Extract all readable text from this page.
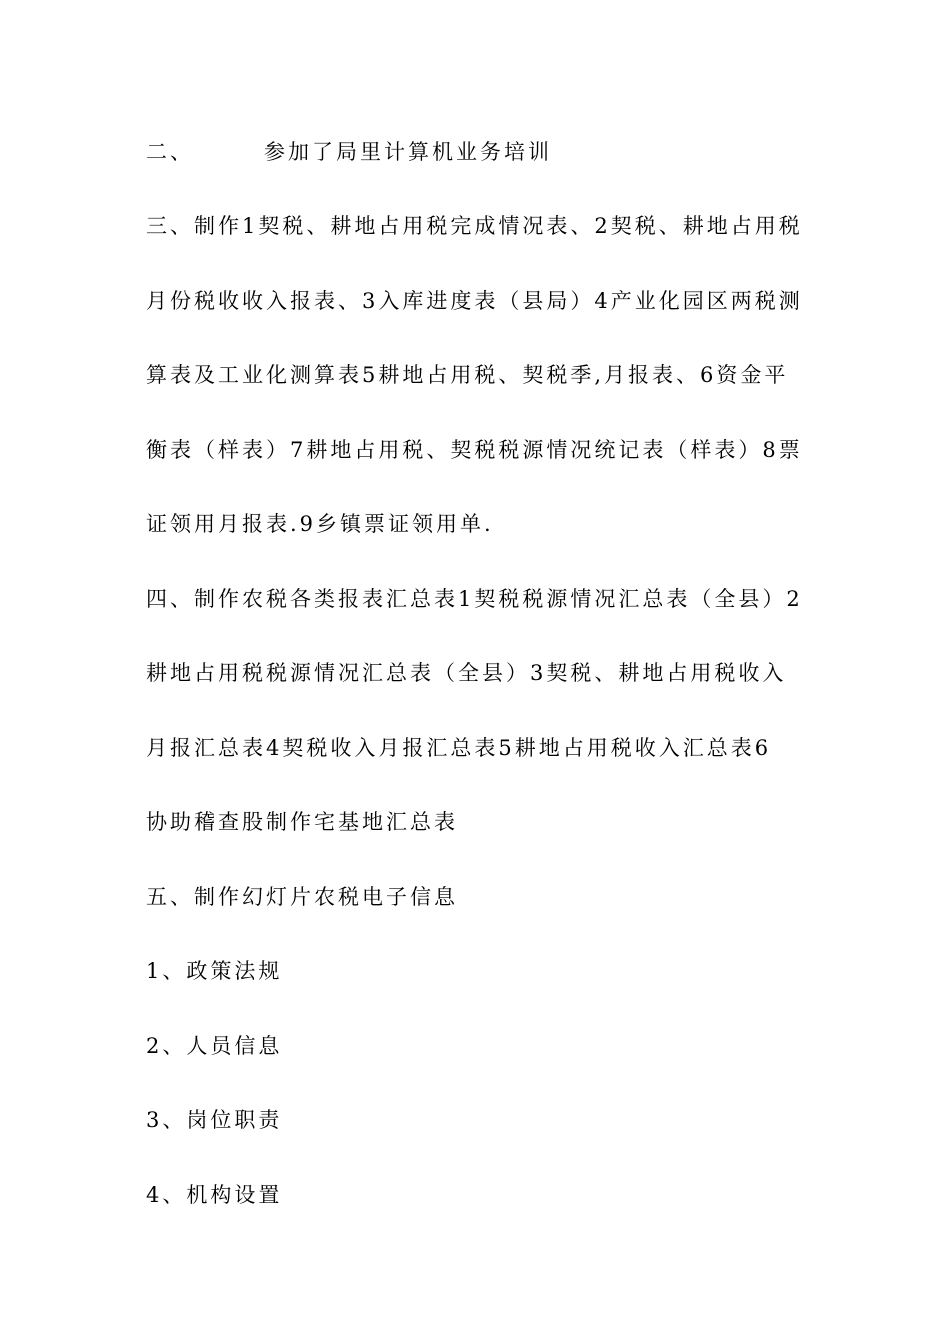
二、	参加了局里计算机业务培训
三、制作1契税、耕地占用税完成情况表、2契税、耕地占用税
月份税收收入报表、3入库进度表（县局）4产业化园区两税测
算表及工业化测算表5耕地占用税、契税季,月报表、6资金平
衡表（样表）7耕地占用税、契税税源情况统记表（样表）8票
证领用月报表.9乡镇票证领用单.
四、制作农税各类报表汇总表1契税税源情况汇总表（全县）2
耕地占用税税源情况汇总表（全县）3契税、耕地占用税收入
月报汇总表4契税收入月报汇总表5耕地占用税收入汇总表6
协助稽查股制作宅基地汇总表
五、制作幻灯片农税电子信息
1、政策法规
2、人员信息
3、岗位职责
4、机构设置
